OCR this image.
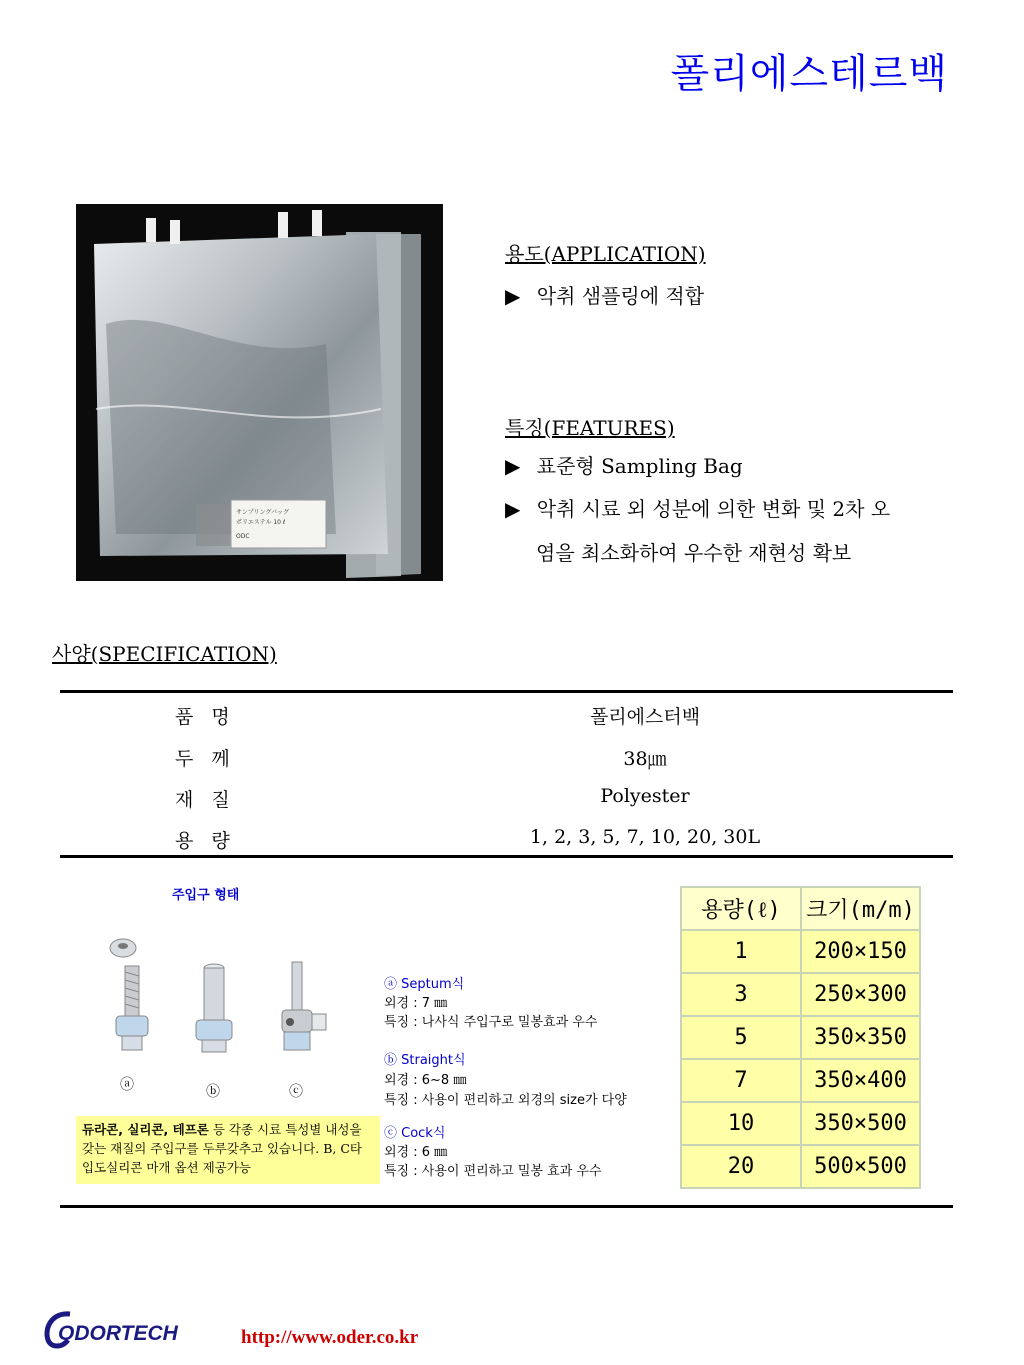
폴리에스테르백
サンプリングバッグ
ポリエステル 10 ℓ
ODC
용도(APPLICATION)
▶ 악취 샘플링에 적합
특징(FEATURES)
▶ 표준형 Sampling Bag
▶ 악취 시료 외 성분에 의한 변화 및 2차 오
염을 최소화하여 우수한 재현성 확보
사양(SPECIFICATION)
품 명	폴리에스터백
두 께	38㎛
재 질	Polyester
용 량	1, 2, 3, 5, 7, 10, 20, 30L
주입구 형태
ⓐ	ⓑ	ⓒ
듀라콘, 실리콘, 테프론 등 각종 시료 특성별 내성을 갖는 재질의 주입구를 두루갖추고 있습니다. B, C타입도실리콘 마개 옵션 제공가능
ⓐ Septum식
외경 : 7 ㎜
특징 : 나사식 주입구로 밀봉효과 우수
ⓑ Straight식
외경 : 6~8 ㎜
특징 : 사용이 편리하고 외경의 size가 다양
ⓒ Cock식
외경 : 6 ㎜
특징 : 사용이 편리하고 밀봉 효과 우수
용량(ℓ)	크기(m/m)
1	200×150
3	250×300
5	350×350
7	350×400
10	350×500
20	500×500
ODORTECH	http://www.oder.co.kr
